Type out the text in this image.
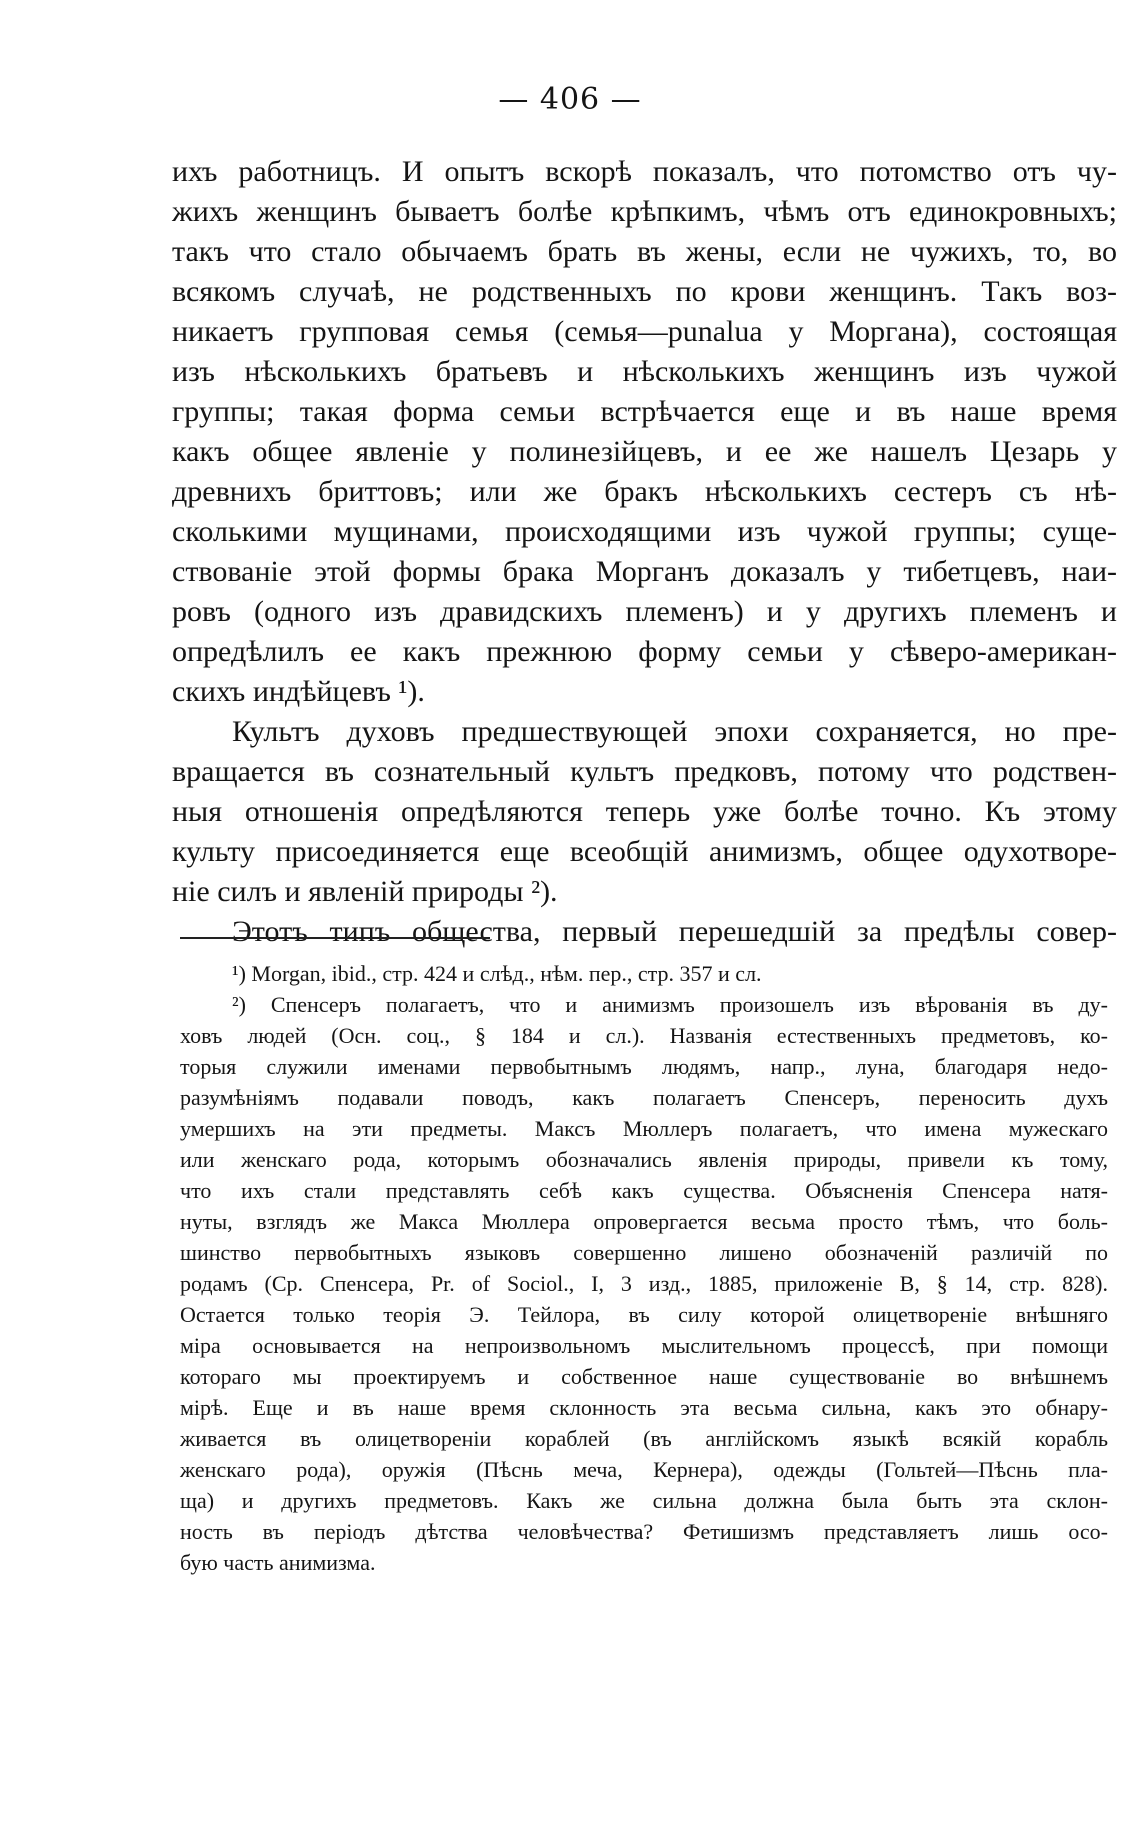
— 406 —
ихъ работницъ. И опытъ вскорѣ показалъ, что потомство отъ чу-
жихъ женщинъ бываетъ болѣе крѣпкимъ, чѣмъ отъ единокровныхъ;
такъ что стало обычаемъ брать въ жены, если не чужихъ, то, во
всякомъ случаѣ, не родственныхъ по крови женщинъ. Такъ воз-
никаетъ групповая семья (семья—punalua у Моргана), состоящая
изъ нѣсколькихъ братьевъ и нѣсколькихъ женщинъ изъ чужой
группы; такая форма семьи встрѣчается еще и въ наше время
какъ общее явленіе у полинезійцевъ, и ее же нашелъ Цезарь у
древнихъ бриттовъ; или же бракъ нѣсколькихъ сестеръ съ нѣ-
сколькими мущинами, происходящими изъ чужой группы; суще-
ствованіе этой формы брака Морганъ доказалъ у тибетцевъ, наи-
ровъ (одного изъ дравидскихъ племенъ) и у другихъ племенъ и
опредѣлилъ ее какъ прежнюю форму семьи у сѣверо-американ-
скихъ индѣйцевъ ¹).
Культъ духовъ предшествующей эпохи сохраняется, но пре-
вращается въ сознательный культъ предковъ, потому что родствен-
ныя отношенія опредѣляются теперь уже болѣе точно. Къ этому
культу присоединяется еще всеобщій анимизмъ, общее одухотворе-
ніе силъ и явленій природы ²).
Этотъ типъ общества, первый перешедшій за предѣлы совер-
¹) Morgan, ibid., стр. 424 и слѣд., нѣм. пер., стр. 357 и сл.
²) Спенсеръ полагаетъ, что и анимизмъ произошелъ изъ вѣрованія въ ду-
ховъ людей (Осн. соц., § 184 и сл.). Названія естественныхъ предметовъ, ко-
торыя служили именами первобытнымъ людямъ, напр., луна, благодаря недо-
разумѣніямъ подавали поводъ, какъ полагаетъ Спенсеръ, переносить духъ
умершихъ на эти предметы. Максъ Мюллеръ полагаетъ, что имена мужескаго
или женскаго рода, которымъ обозначались явленія природы, привели къ тому,
что ихъ стали представлять себѣ какъ существа. Объясненія Спенсера натя-
нуты, взглядъ же Макса Мюллера опровергается весьма просто тѣмъ, что боль-
шинство первобытныхъ языковъ совершенно лишено обозначеній различій по
родамъ (Ср. Спенсера, Pr. of Sociol., I, 3 изд., 1885, приложеніе B, § 14, стр. 828).
Остается только теорія Э. Тейлора, въ силу которой олицетвореніе внѣшняго
міра основывается на непроизвольномъ мыслительномъ процессѣ, при помощи
котораго мы проектируемъ и собственное наше существованіе во внѣшнемъ
мірѣ. Еще и въ наше время склонность эта весьма сильна, какъ это обнару-
живается въ олицетвореніи кораблей (въ англійскомъ языкѣ всякій корабль
женскаго рода), оружія (Пѣснь меча, Кернера), одежды (Гольтей—Пѣснь пла-
ща) и другихъ предметовъ. Какъ же сильна должна была быть эта склон-
ность въ періодъ дѣтства человѣчества? Фетишизмъ представляетъ лишь осо-
бую часть анимизма.
